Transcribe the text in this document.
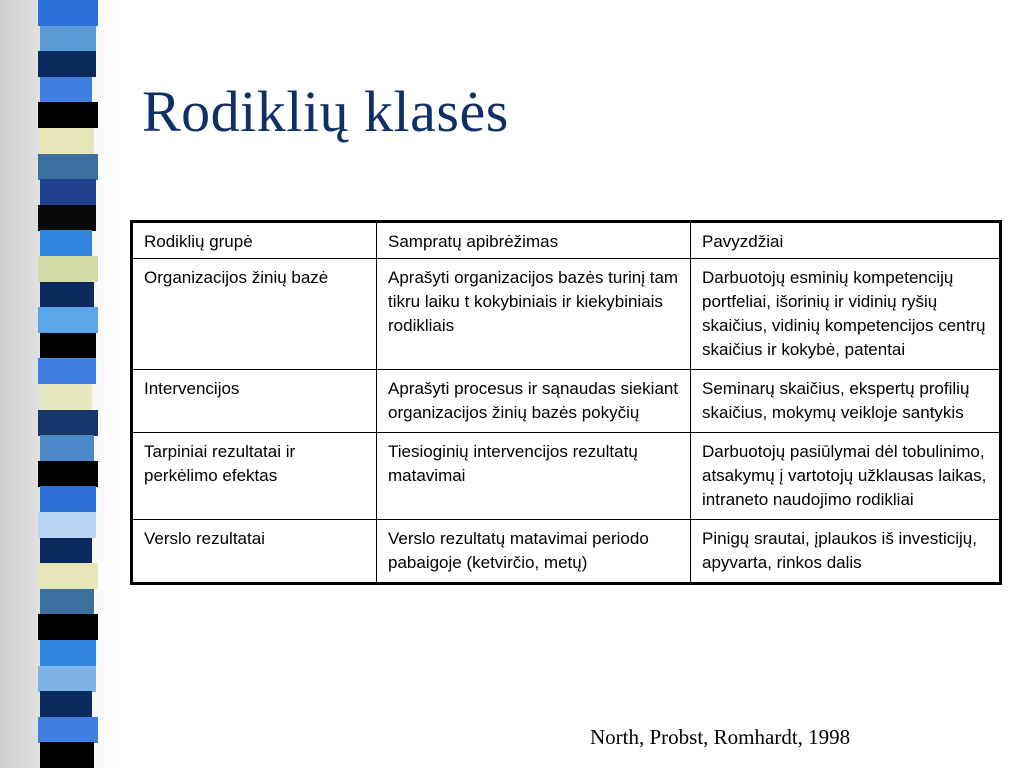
Rodiklių klasės
Rodiklių grupė	Sampratų apibrėžimas	Pavyzdžiai
Organizacijos žinių bazė	Aprašyti organizacijos bazės turinį tam tikru laiku t kokybiniais ir kiekybiniais rodikliais	Darbuotojų esminių kompetencijų portfeliai, išorinių ir vidinių ryšių skaičius, vidinių kompetencijos centrų skaičius ir kokybė, patentai
Intervencijos	Aprašyti procesus ir sąnaudas siekiant organizacijos žinių bazės pokyčių	Seminarų skaičius, ekspertų profilių skaičius, mokymų veikloje santykis
Tarpiniai rezultatai ir perkėlimo efektas	Tiesioginių intervencijos rezultatų matavimai	Darbuotojų pasiūlymai dėl tobulinimo, atsakymų į vartotojų užklausas laikas, intraneto naudojimo rodikliai
Verslo rezultatai	Verslo rezultatų matavimai periodo pabaigoje (ketvirčio, metų)	Pinigų srautai, įplaukos iš investicijų, apyvarta, rinkos dalis
North, Probst, Romhardt, 1998
